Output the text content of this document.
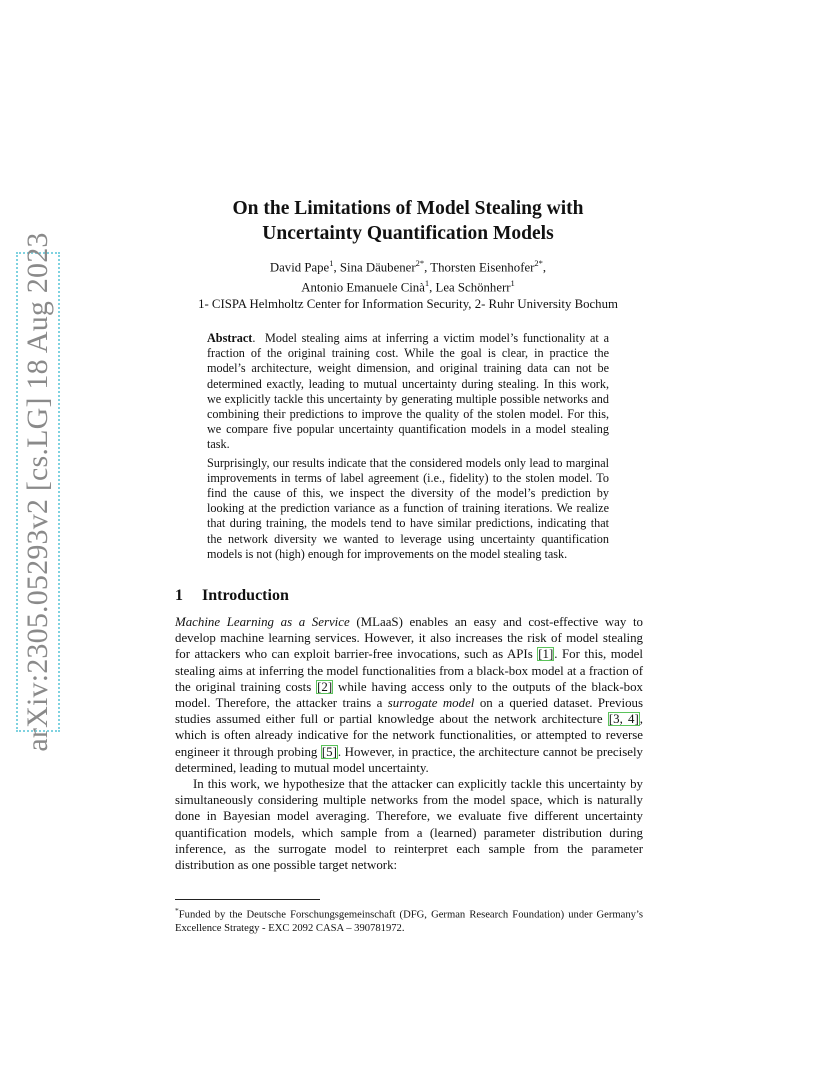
arXiv:2305.05293v2 [cs.LG] 18 Aug 2023
On the Limitations of Model Stealing with
Uncertainty Quantification Models
David Pape$^1$, Sina Däubener$^{2*}$, Thorsten Eisenhofer$^{2*}$,
Antonio Emanuele Cinà$^1$, Lea Schönherr$^1$
1- CISPA Helmholtz Center for Information Security, 2- Ruhr University Bochum

Abstract.  Model stealing aims at inferring a victim model’s functionality at a fraction of the original training cost. While the goal is clear, in practice the model’s architecture, weight dimension, and original training data can not be determined exactly, leading to mutual uncertainty during stealing. In this work, we explicitly tackle this uncertainty by generating multiple possible networks and combining their predictions to improve the quality of the stolen model. For this, we compare five popular uncertainty quantification models in a model stealing task.

Surprisingly, our results indicate that the considered models only lead to marginal improvements in terms of label agreement (i.e., fidelity) to the stolen model. To find the cause of this, we inspect the diversity of the model’s prediction by looking at the prediction variance as a function of training iterations. We realize that during training, the models tend to have similar predictions, indicating that the network diversity we wanted to leverage using uncertainty quantification models is not (high) enough for improvements on the model stealing task.

1 Introduction

Machine Learning as a Service (MLaaS) enables an easy and cost-effective way to develop machine learning services. However, it also increases the risk of model stealing for attackers who can exploit barrier-free invocations, such as APIs [1]. For this, model stealing aims at inferring the model functionalities from a black-box model at a fraction of the original training costs [2] while having access only to the outputs of the black-box model. Therefore, the attacker trains a surrogate model on a queried dataset. Previous studies assumed either full or partial knowledge about the network architecture [3, 4], which is often already indicative for the network functionalities, or attempted to reverse engineer it through probing [5]. However, in practice, the architecture cannot be precisely determined, leading to mutual model uncertainty.

In this work, we hypothesize that the attacker can explicitly tackle this uncertainty by simultaneously considering multiple networks from the model space, which is naturally done in Bayesian model averaging. Therefore, we evaluate five different uncertainty quantification models, which sample from a (learned) parameter distribution during inference, as the surrogate model to reinterpret each sample from the parameter distribution as one possible target network:

*Funded by the Deutsche Forschungsgemeinschaft (DFG, German Research Foundation) under Germany’s Excellence Strategy - EXC 2092 CASA – 390781972.
